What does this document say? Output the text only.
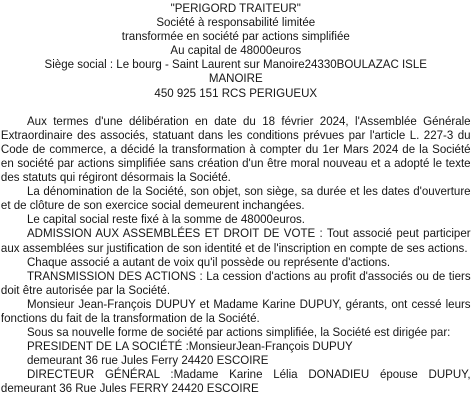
"PERIGORD TRAITEUR"
Société à responsabilité limitée
transformée en société par actions simplifiée
Au capital de 48000euros
Siège social : Le bourg - Saint Laurent sur Manoire24330BOULAZAC ISLE
MANOIRE
450 925 151 RCS PERIGUEUX

Aux termes d'une délibération en date du 18 février 2024, l'Assemblée Générale Extraordinaire des associés, statuant dans les conditions prévues par l'article L. 227-3 du Code de commerce, a décidé la transformation à compter du 1er Mars 2024 de la Société en société par actions simplifiée sans création d'un être moral nouveau et a adopté le texte des statuts qui régiront désormais la Société.

La dénomination de la Société, son objet, son siège, sa durée et les dates d'ouverture et de clôture de son exercice social demeurent inchangées.

Le capital social reste fixé à la somme de 48000euros.

ADMISSION AUX ASSEMBLÉES ET DROIT DE VOTE : Tout associé peut participer aux assemblées sur justification de son identité et de l'inscription en compte de ses actions.

Chaque associé a autant de voix qu'il possède ou représente d'actions.

TRANSMISSION DES ACTIONS : La cession d'actions au profit d'associés ou de tiers doit être autorisée par la Société.

Monsieur Jean-François DUPUY et Madame Karine DUPUY, gérants, ont cessé leurs fonctions du fait de la transformation de la Société.

Sous sa nouvelle forme de société par actions simplifiée, la Société est dirigée par:

PRESIDENT DE LA SOCIÉTÉ :MonsieurJean-François DUPUY

demeurant 36 rue Jules Ferry 24420 ESCOIRE

DIRECTEUR GÉNÉRAL :Madame Karine Lélia DONADIEU épouse DUPUY, demeurant 36 Rue Jules FERRY 24420 ESCOIRE
